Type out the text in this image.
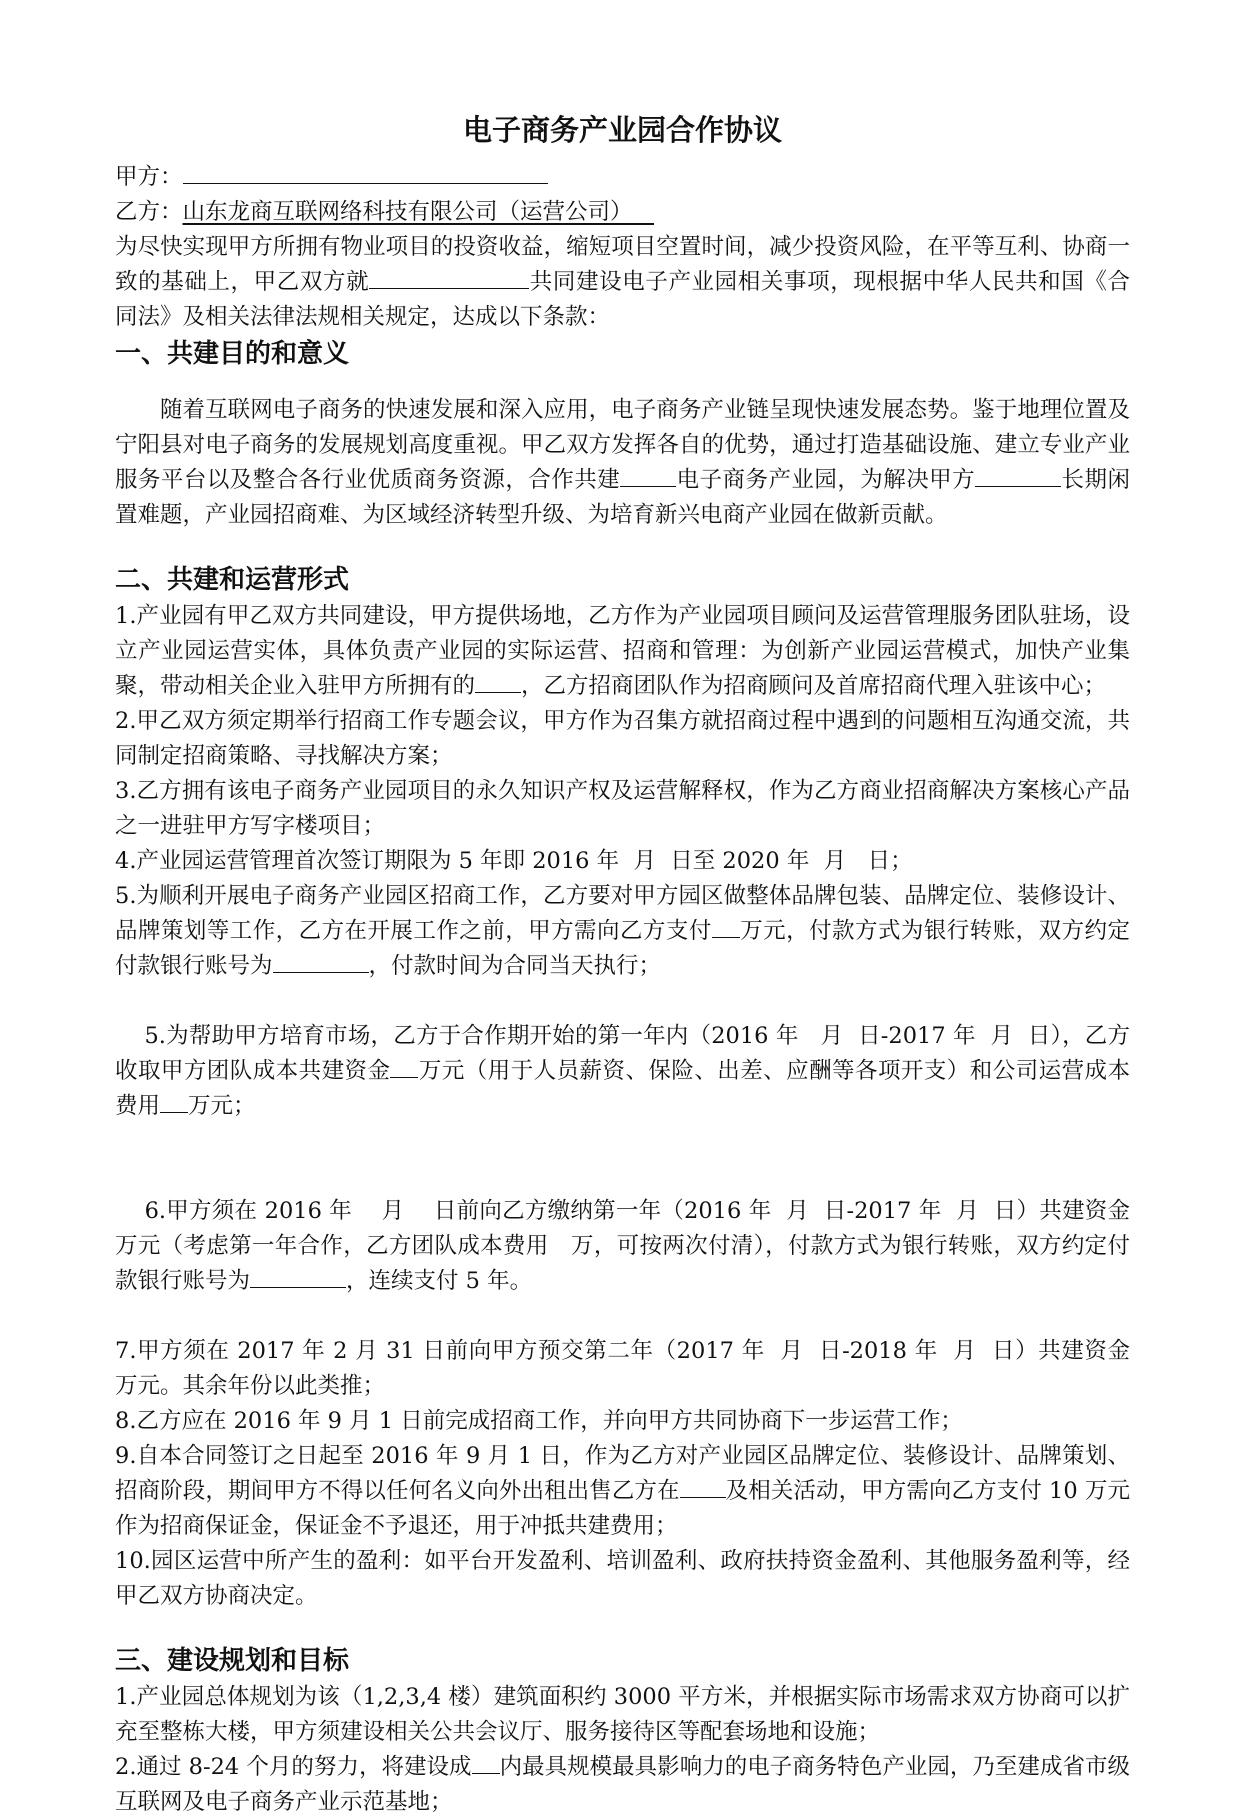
电子商务产业园合作协议

甲方：

乙方：山东龙商互联网络科技有限公司（运营公司）

为尽快实现甲方所拥有物业项目的投资收益，缩短项目空置时间，减少投资风险，在平等互利、协商一致的基础上，甲乙双方就	共同建设电子产业园相关事项，现根据中华人民共和国《合同法》及相关法律法规相关规定，达成以下条款：

一、共建目的和意义

随着互联网电子商务的快速发展和深入应用，电子商务产业链呈现快速发展态势。鉴于地理位置及宁阳县对电子商务的发展规划高度重视。甲乙双方发挥各自的优势，通过打造基础设施、建立专业产业服务平台以及整合各行业优质商务资源，合作共建 电子商务产业园，为解决甲方	长期闲置难题，产业园招商难、为区域经济转型升级、为培育新兴电商产业园在做新贡献。

二、共建和运营形式

1.产业园有甲乙双方共同建设，甲方提供场地，乙方作为产业园项目顾问及运营管理服务团队驻场，设立产业园运营实体，具体负责产业园的实际运营、招商和管理：为创新产业园运营模式，加快产业集聚，带动相关企业入驻甲方所拥有的 ，乙方招商团队作为招商顾问及首席招商代理入驻该中心；

2.甲乙双方须定期举行招商工作专题会议，甲方作为召集方就招商过程中遇到的问题相互沟通交流，共同制定招商策略、寻找解决方案；

3.乙方拥有该电子商务产业园项目的永久知识产权及运营解释权，作为乙方商业招商解决方案核心产品之一进驻甲方写字楼项目；

4.产业园运营管理首次签订期限为 5 年即 2016 年  月  日至 2020 年  月   日；

5.为顺利开展电子商务产业园区招商工作，乙方要对甲方园区做整体品牌包装、品牌定位、装修设计、品牌策划等工作，乙方在开展工作之前，甲方需向乙方支付 万元，付款方式为银行转账，双方约定付款银行账号为	，付款时间为合同当天执行；

5.为帮助甲方培育市场，乙方于合作期开始的第一年内（2016 年   月  日-2017 年  月  日），乙方收取甲方团队成本共建资金 万元（用于人员薪资、保险、出差、应酬等各项开支）和公司运营成本费用 万元；

6.甲方须在 2016 年    月    日前向乙方缴纳第一年（2016 年  月  日-2017 年  月  日）共建资金 万元（考虑第一年合作，乙方团队成本费用   万，可按两次付清），付款方式为银行转账，双方约定付款银行账号为	，连续支付 5 年。

7.甲方须在 2017 年 2 月 31 日前向甲方预交第二年（2017 年  月  日-2018 年  月  日）共建资金 万元。其余年份以此类推；

8.乙方应在 2016 年 9 月 1 日前完成招商工作，并向甲方共同协商下一步运营工作；

9.自本合同签订之日起至 2016 年 9 月 1 日，作为乙方对产业园区品牌定位、装修设计、品牌策划、招商阶段，期间甲方不得以任何名义向外出租出售乙方在 及相关活动，甲方需向乙方支付 10 万元作为招商保证金，保证金不予退还，用于冲抵共建费用；

10.园区运营中所产生的盈利：如平台开发盈利、培训盈利、政府扶持资金盈利、其他服务盈利等，经甲乙双方协商决定。

三、建设规划和目标

1.产业园总体规划为该（1,2,3,4 楼）建筑面积约 3000 平方米，并根据实际市场需求双方协商可以扩充至整栋大楼，甲方须建设相关公共会议厅、服务接待区等配套场地和设施；

2.通过 8-24 个月的努力，将建设成 内最具规模最具影响力的电子商务特色产业园，乃至建成省市级互联网及电子商务产业示范基地；
